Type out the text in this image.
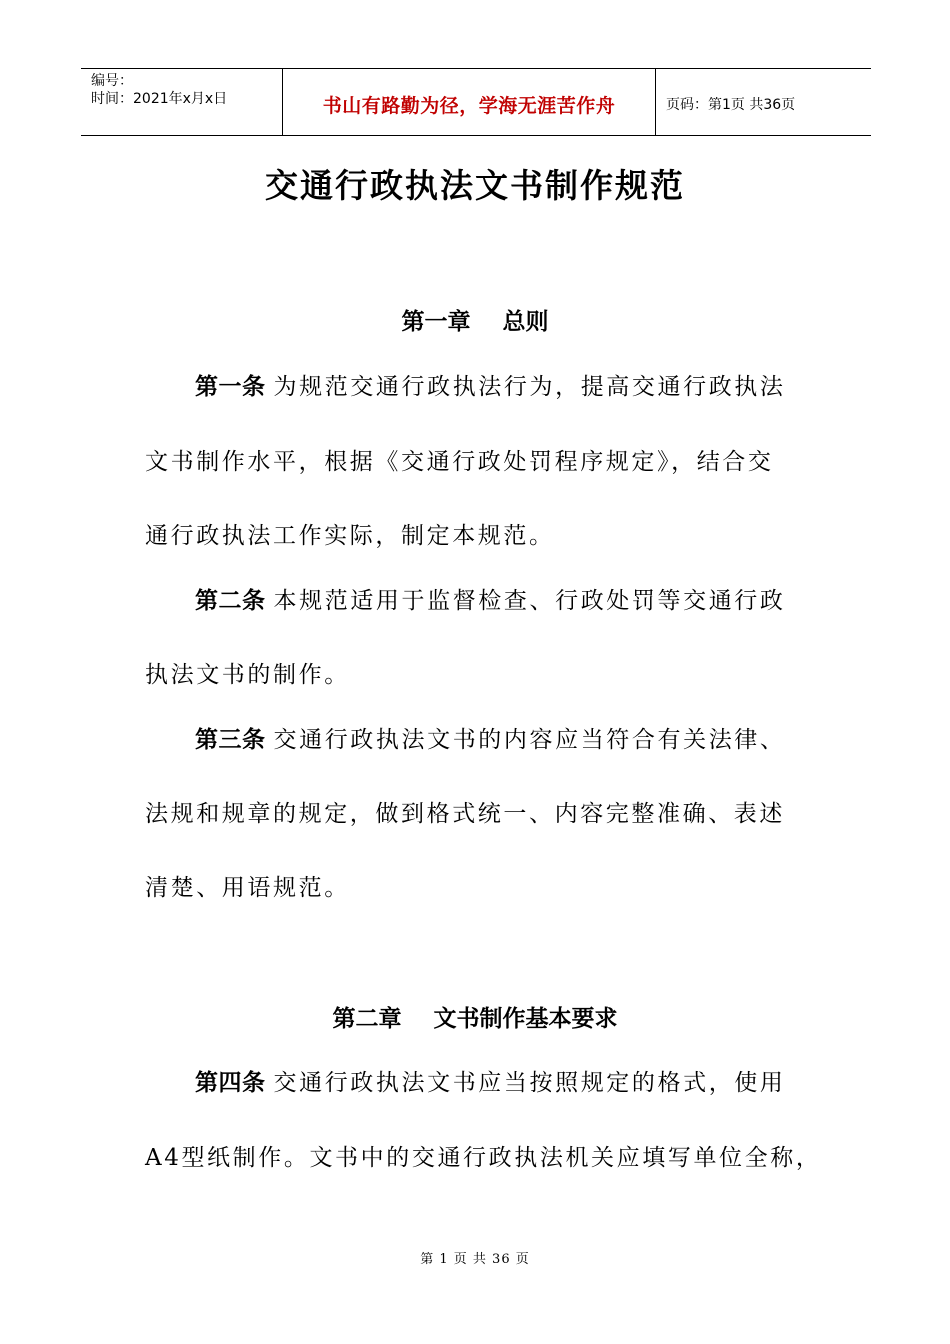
编号：
时间：2021年x月x日	书山有路勤为径，学海无涯苦作舟	页码：第1页 共36页
交通行政执法文书制作规范
第一章    总则

第一条 为规范交通行政执法行为，提高交通行政执法

文书制作水平，根据《交通行政处罚程序规定》，结合交

通行政执法工作实际，制定本规范。

第二条 本规范适用于监督检查、行政处罚等交通行政

执法文书的制作。

第三条 交通行政执法文书的内容应当符合有关法律、

法规和规章的规定，做到格式统一、内容完整准确、表述

清楚、用语规范。

第二章    文书制作基本要求

第四条 交通行政执法文书应当按照规定的格式，使用

A4型纸制作。文书中的交通行政执法机关应填写单位全称，

第 1 页 共 36 页
